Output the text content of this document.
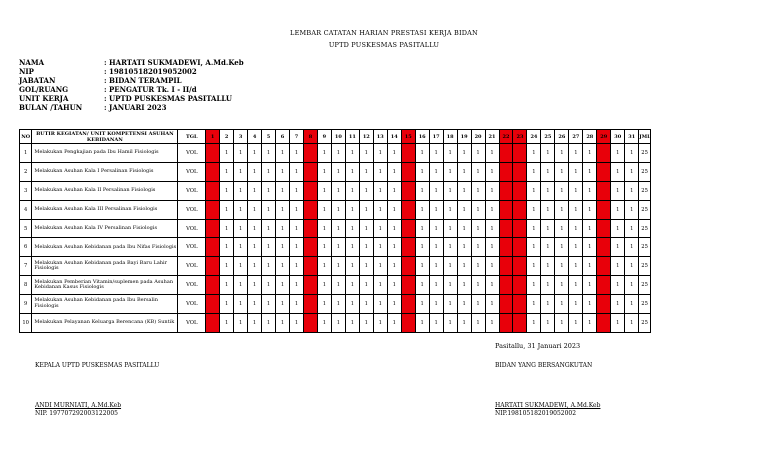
LEMBAR CATATAN HARIAN PRESTASI KERJA BIDAN
UPTD PUSKESMAS PASITALLU
NAMA	: HARTATI SUKMADEWI, A.Md.Keb
NIP	: 198105182019052002
JABATAN	: BIDAN TERAMPIL
GOL/RUANG	: PENGATUR Tk. I - II/d
UNIT KERJA	: UPTD PUSKESMAS PASITALLU
BULAN /TAHUN	: JANUARI 2023
NO	BUTIR KEGIATAN/ UNIT KOMPETENSI ASUHAN KEBIDANAN	TGL	1	2	3	4	5	6	7	8	9	10	11	12	13	14	15	16	17	18	19	20	21	22	23	24	25	26	27	28	29	30	31	JML
1	Melakukan Pengkajian pada Ibu Hamil Fisiologis	VOL		1	1	1	1	1	1		1	1	1	1	1	1		1	1	1	1	1	1			1	1	1	1	1		1	1	25
2	Melakukan Asuhan Kala I Persalinan Fisiologis	VOL		1	1	1	1	1	1		1	1	1	1	1	1		1	1	1	1	1	1			1	1	1	1	1		1	1	25
3	Melakukan Asuhan Kala II Persalinan Fisiologis	VOL		1	1	1	1	1	1		1	1	1	1	1	1		1	1	1	1	1	1			1	1	1	1	1		1	1	25
4	Melakukan Asuhan Kala III Persalinan Fisiologis	VOL		1	1	1	1	1	1		1	1	1	1	1	1		1	1	1	1	1	1			1	1	1	1	1		1	1	25
5	Melakukan Asuhan Kala IV Persalinan Fisiologis	VOL		1	1	1	1	1	1		1	1	1	1	1	1		1	1	1	1	1	1			1	1	1	1	1		1	1	25
6	Melakukan Asuhan Kebidanan pada Ibu Nifas Fisiologis	VOL		1	1	1	1	1	1		1	1	1	1	1	1		1	1	1	1	1	1			1	1	1	1	1		1	1	25
7	Melakukan Asuhan Kebidanan pada Bayi Baru Lahir Fisiologis	VOL		1	1	1	1	1	1		1	1	1	1	1	1		1	1	1	1	1	1			1	1	1	1	1		1	1	25
8	Melakukan Pemberian Vitamin/suplemen pada Asuhan Kebidanan Kasus Fisiologis	VOL		1	1	1	1	1	1		1	1	1	1	1	1		1	1	1	1	1	1			1	1	1	1	1		1	1	25
9	Melakukan Asuhan Kebidanan pada Ibu Bersalin Fisiologis	VOL		1	1	1	1	1	1		1	1	1	1	1	1		1	1	1	1	1	1			1	1	1	1	1		1	1	25
10	Melakukan Pelayanan Keluarga Berencana (KB) Suntik	VOL		1	1	1	1	1	1		1	1	1	1	1	1		1	1	1	1	1	1			1	1	1	1	1		1	1	25
Pasitallu, 31 Januari 2023
KEPALA UPTD PUSKESMAS PASITALLU	BIDAN YANG BERSANGKUTAN
ANDI MURNIATI, A.Md.Keb
NIP. 197707292003122005
HARTATI SUKMADEWI, A.Md.Keb
NIP.198105182019052002
